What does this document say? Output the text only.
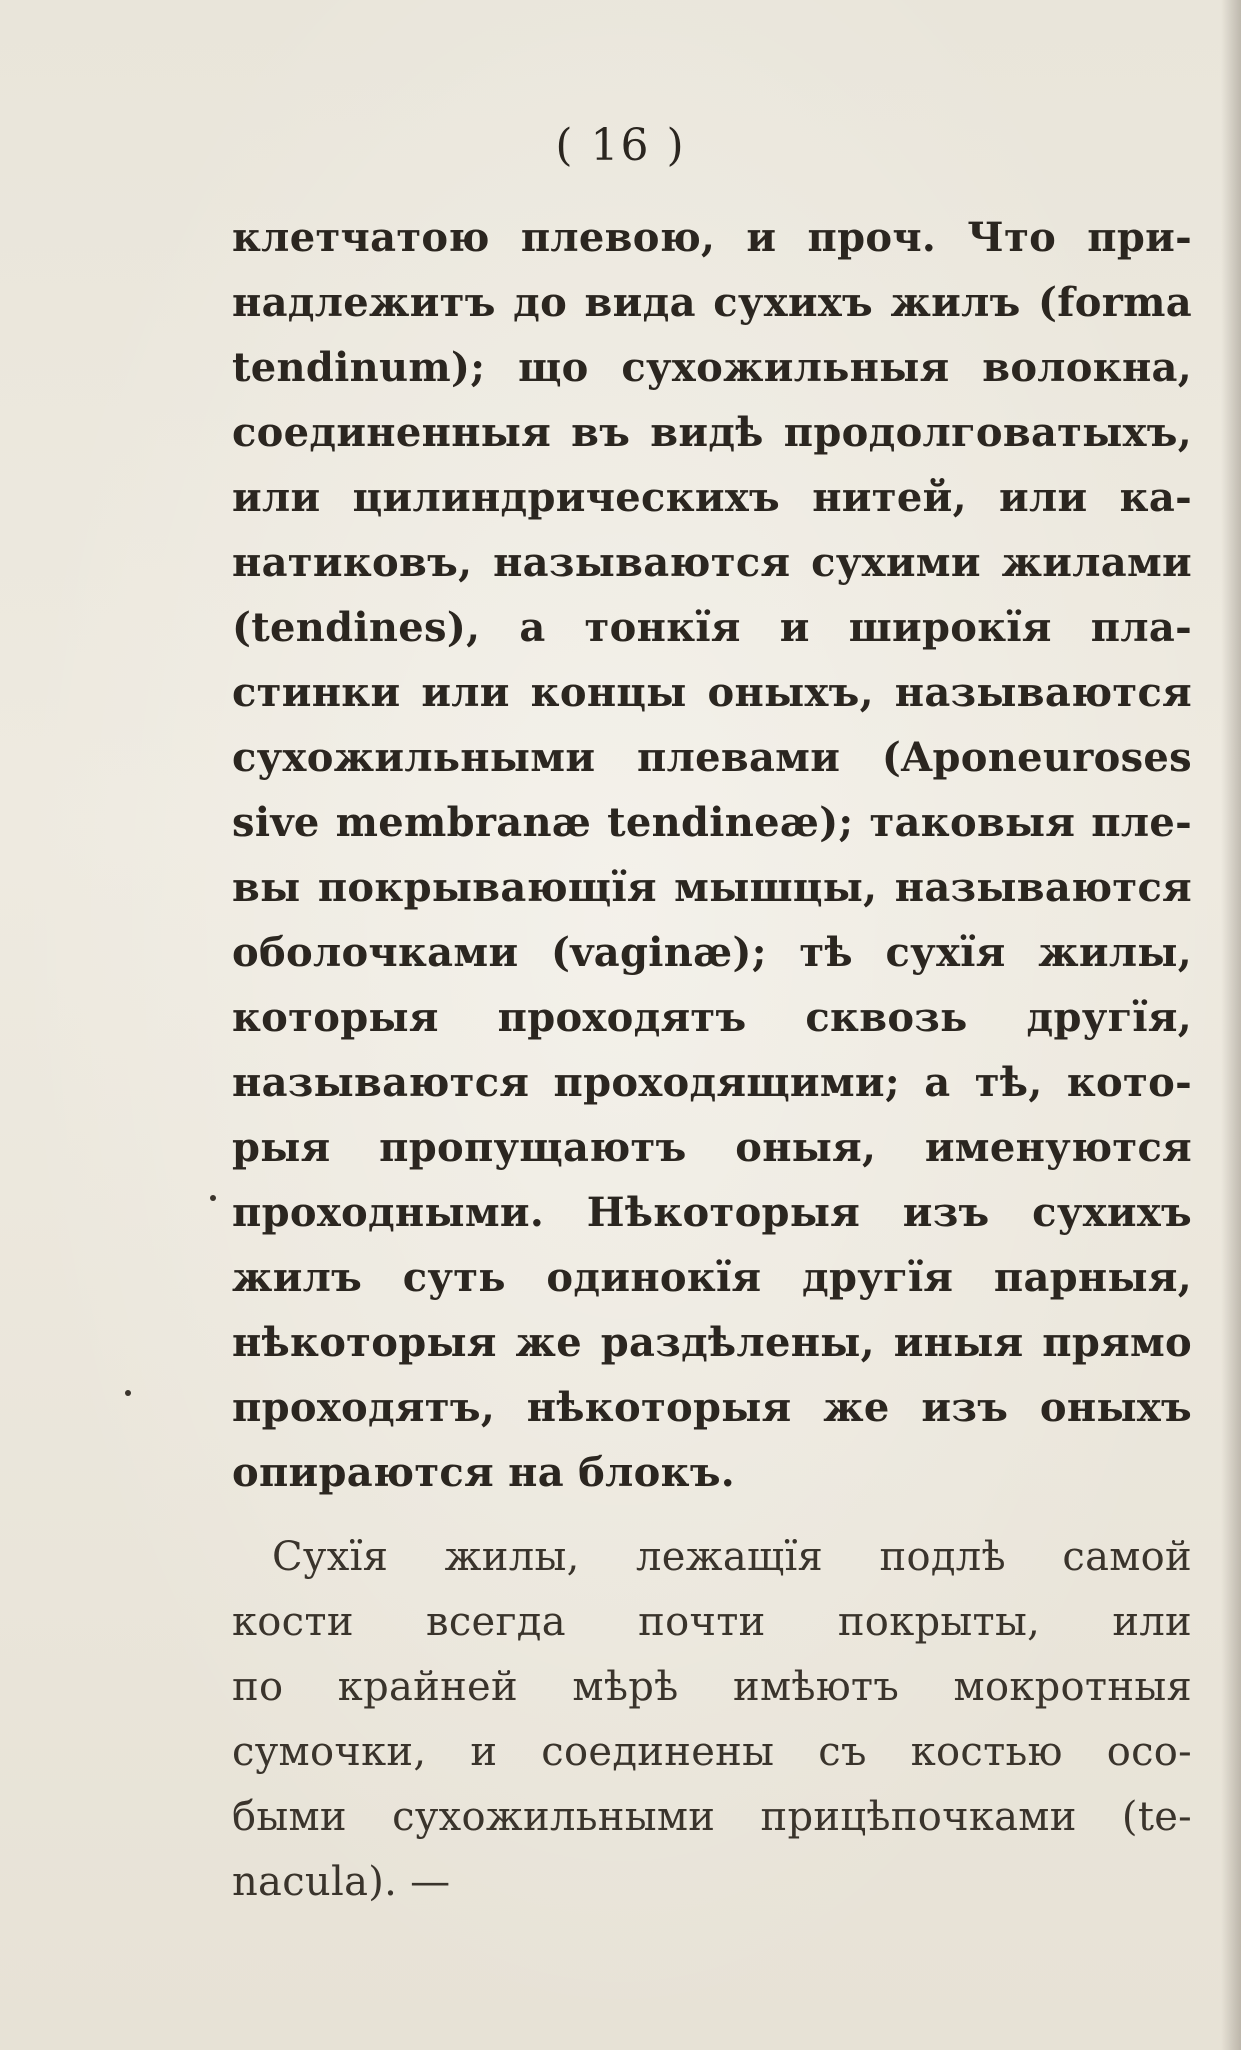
( 16 )
клетчатою плевою, и проч. Что при-
надлежитъ до вида сухихъ жилъ (forma
tendinum); що сухожильныя волокна,
соединенныя въ видѣ продолговатыхъ,
или цилиндрическихъ нитей, или ка-
натиковъ, называются сухими жилами
(tendines), а тонкїя и широкїя пла-
стинки или концы оныхъ, называются
сухожильными плевами (Aponeuroses
sive membranæ tendineæ); таковыя пле-
вы покрывающїя мышцы, называются
оболочками (vaginæ); тѣ сухїя жилы,
которыя проходятъ сквозь другїя,
называются проходящими; а тѣ, кото-
рыя пропущаютъ оныя, именуются
проходными. Нѣкоторыя изъ сухихъ
жилъ суть одинокїя другїя парныя,
нѣкоторыя же раздѣлены, иныя прямо
проходятъ, нѣкоторыя же изъ оныхъ
опираются на блокъ.
Сухїя жилы, лежащїя подлѣ самой
кости всегда почти покрыты, или
по крайней мѣрѣ имѣютъ мокротныя
сумочки, и соединены съ костью осо-
быми сухожильными прицѣпочками (te-
nacula). —
